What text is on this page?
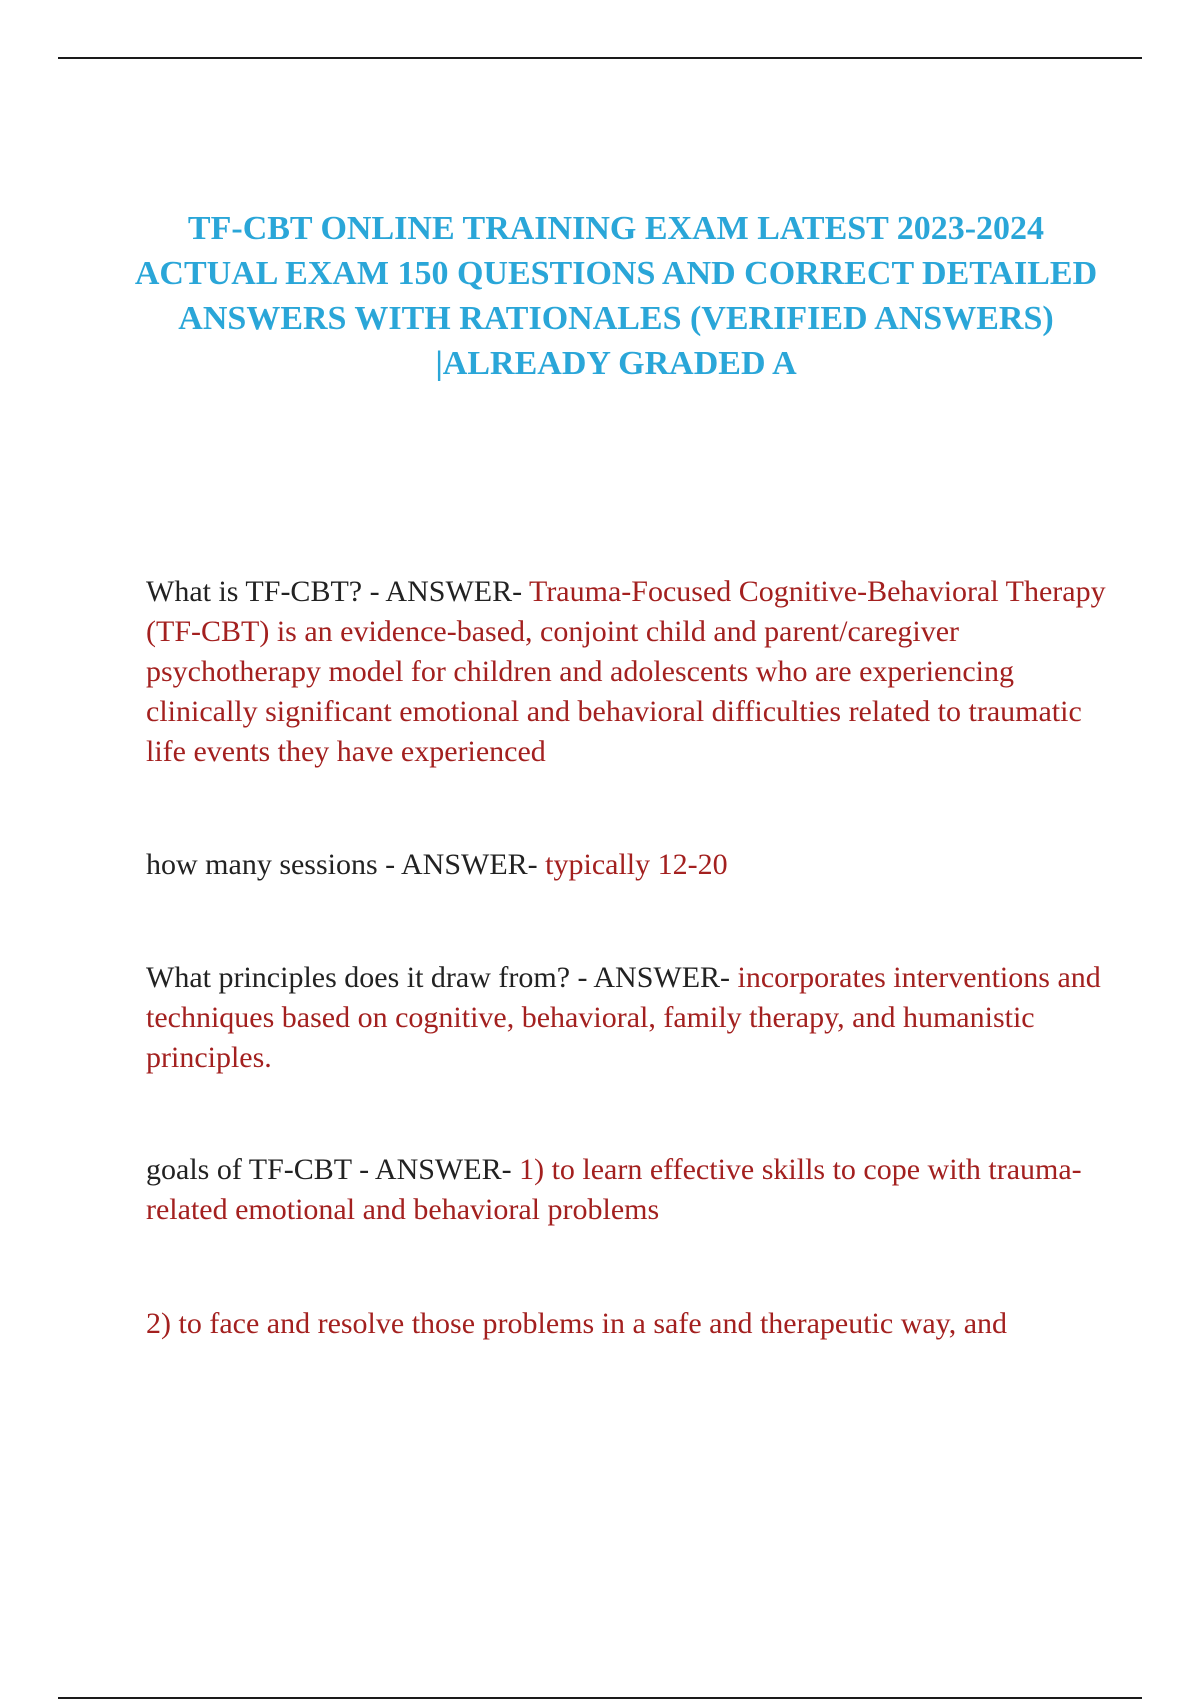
TF-CBT ONLINE TRAINING EXAM LATEST 2023-2024 ACTUAL EXAM 150 QUESTIONS AND CORRECT DETAILED ANSWERS WITH RATIONALES (VERIFIED ANSWERS) |ALREADY GRADED A

What is TF-CBT? - ANSWER- Trauma-Focused Cognitive-Behavioral Therapy (TF-CBT) is an evidence-based, conjoint child and parent/caregiver psychotherapy model for children and adolescents who are experiencing clinically significant emotional and behavioral difficulties related to traumatic life events they have experienced

how many sessions - ANSWER- typically 12-20

What principles does it draw from? - ANSWER- incorporates interventions and techniques based on cognitive, behavioral, family therapy, and humanistic principles.

goals of TF-CBT - ANSWER- 1) to learn effective skills to cope with trauma-related emotional and behavioral problems

2) to face and resolve those problems in a safe and therapeutic way, and
